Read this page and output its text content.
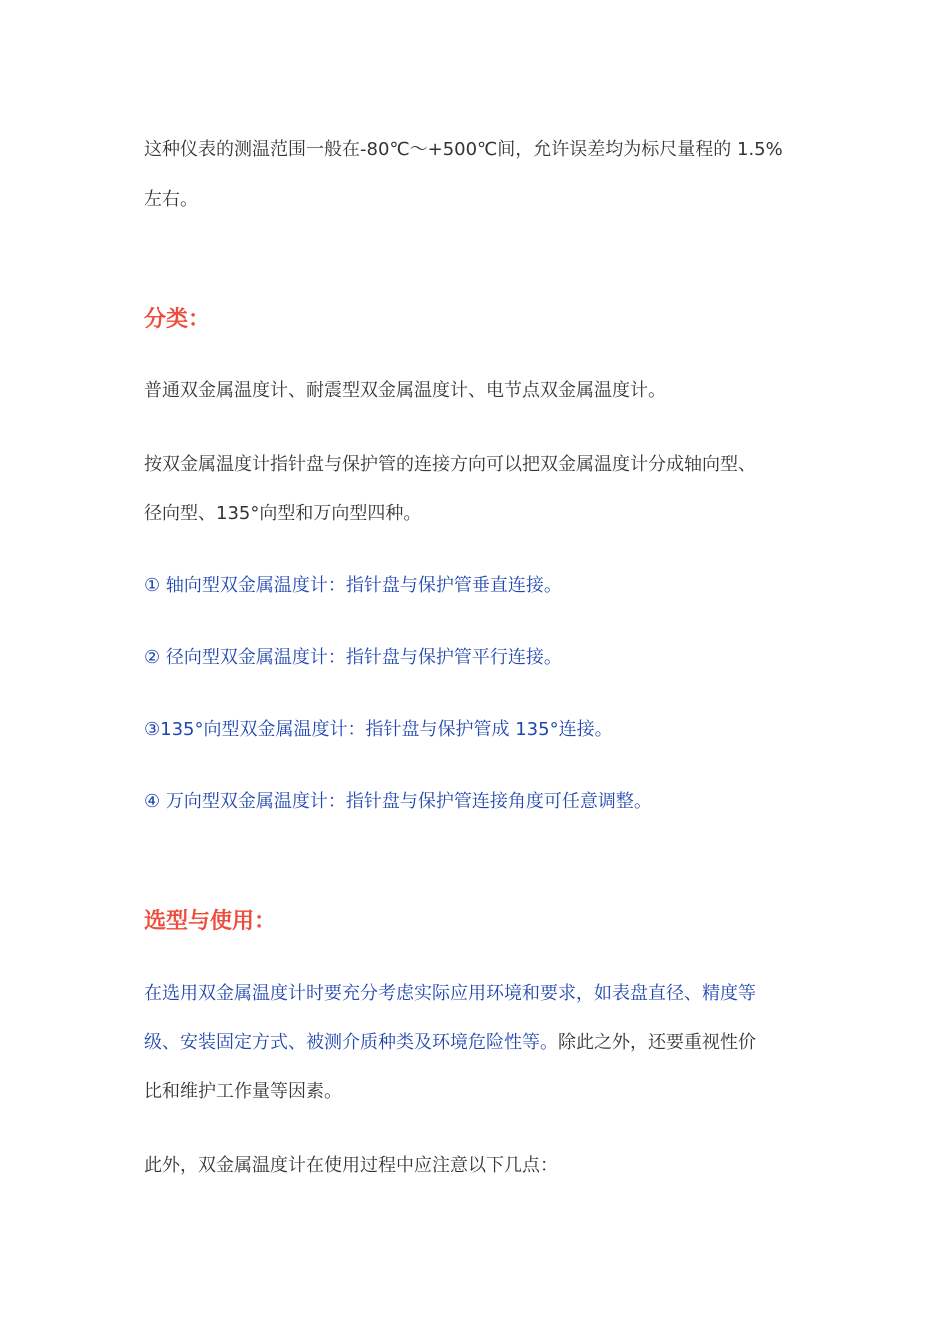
这种仪表的测温范围一般在-80℃～+500℃间，允许误差均为标尺量程的 1.5%

左右。

分类：

普通双金属温度计、耐震型双金属温度计、电节点双金属温度计。

按双金属温度计指针盘与保护管的连接方向可以把双金属温度计分成轴向型、

径向型、135°向型和万向型四种。

① 轴向型双金属温度计：指针盘与保护管垂直连接。

② 径向型双金属温度计：指针盘与保护管平行连接。

③135°向型双金属温度计：指针盘与保护管成 135°连接。

④ 万向型双金属温度计：指针盘与保护管连接角度可任意调整。

选型与使用：

在选用双金属温度计时要充分考虑实际应用环境和要求，如表盘直径、精度等

级、安装固定方式、被测介质种类及环境危险性等。除此之外，还要重视性价

比和维护工作量等因素。

此外，双金属温度计在使用过程中应注意以下几点：
